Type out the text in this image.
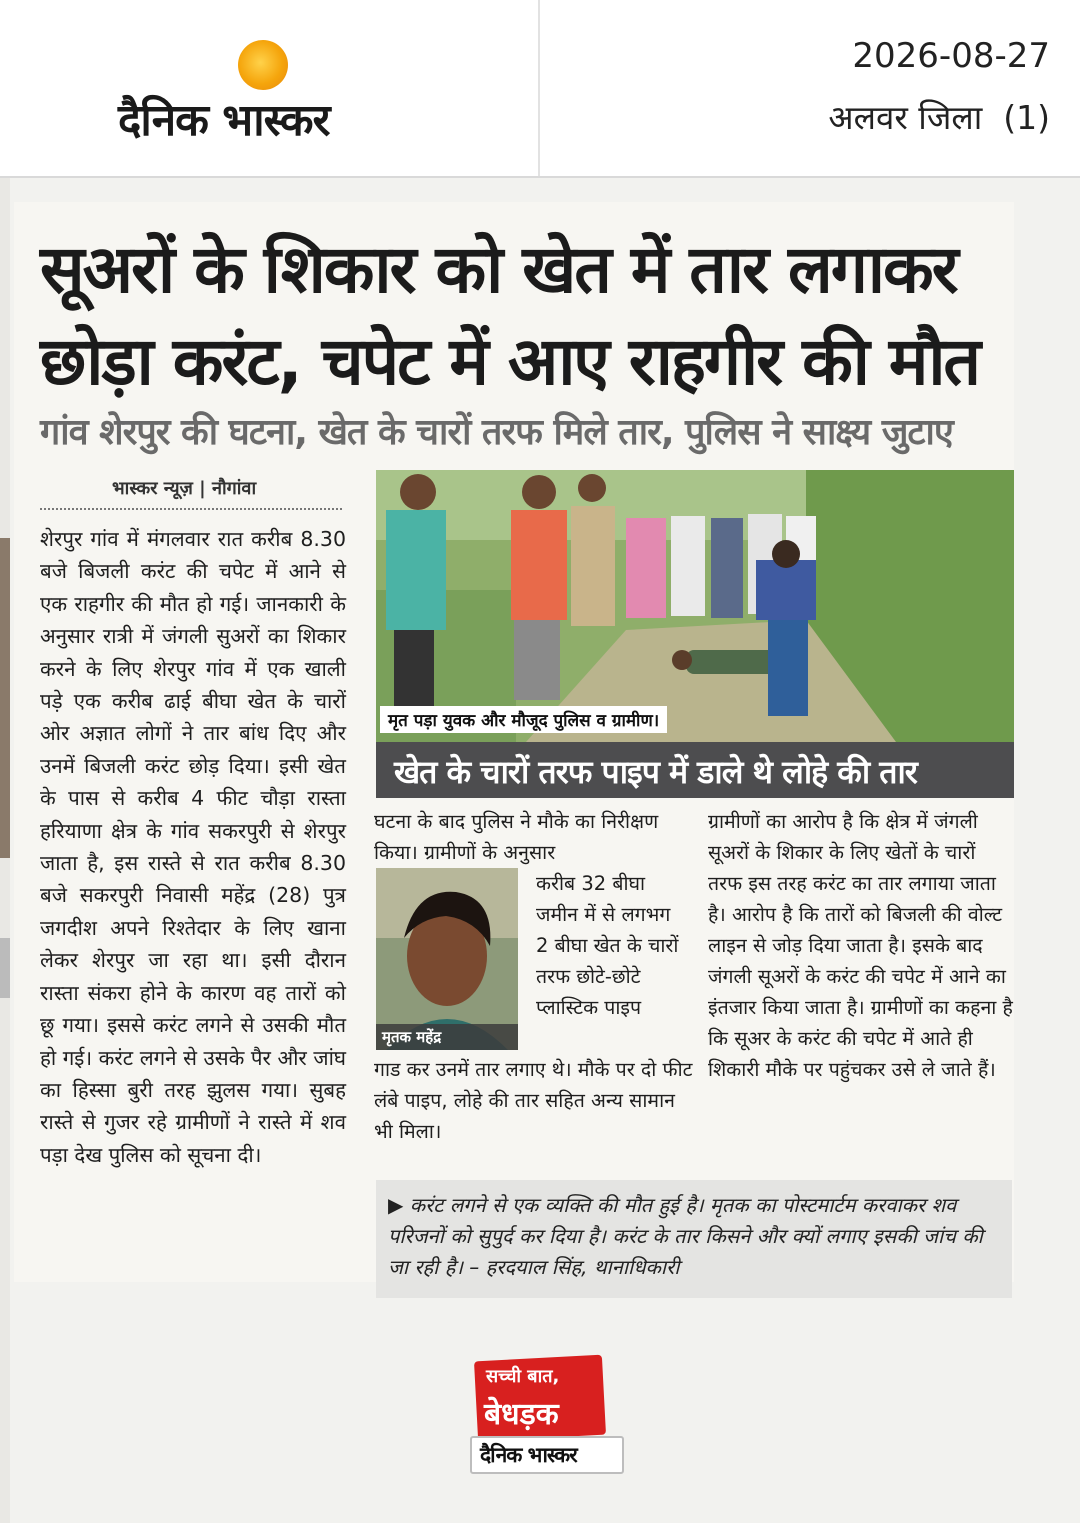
दैनिक भास्कर
2026-08-27
अलवर जिला  (1)
सूअरों के शिकार को खेत में तार लगाकर
छोड़ा करंट, चपेट में आए राहगीर की मौत
गांव शेरपुर की घटना, खेत के चारों तरफ मिले तार, पुलिस ने साक्ष्य जुटाए
भास्कर न्यूज़ | नौगांवा
शेरपुर गांव में मंगलवार रात करीब 8.30 बजे बिजली करंट की चपेट में आने से एक राहगीर की मौत हो गई। जानकारी के अनुसार रात्री में जंगली सुअरों का शिकार करने के लिए शेरपुर गांव में एक खाली पड़े एक करीब ढाई बीघा खेत के चारों ओर अज्ञात लोगों ने तार बांध दिए और उनमें बिजली करंट छोड़ दिया। इसी खेत के पास से करीब 4 फीट चौड़ा रास्ता हरियाणा क्षेत्र के गांव सकरपुरी से शेरपुर जाता है, इस रास्ते से रात करीब 8.30 बजे सकरपुरी निवासी महेंद्र (28) पुत्र जगदीश अपने रिश्तेदार के लिए खाना लेकर शेरपुर जा रहा था। इसी दौरान रास्ता संकरा होने के कारण वह तारों को छू गया। इससे करंट लगने से उसकी मौत हो गई। करंट लगने से उसके पैर और जांघ का हिस्सा बुरी तरह झुलस गया। सुबह रास्ते से गुजर रहे ग्रामीणों ने रास्ते में शव पड़ा देख पुलिस को सूचना दी।
मृत पड़ा युवक और मौजूद पुलिस व ग्रामीण।
खेत के चारों तरफ पाइप में डाले थे लोहे की तार
घटना के बाद पुलिस ने मौके का निरीक्षण किया। ग्रामीणों के अनुसार
मृतक महेंद्र
करीब 32 बीघा जमीन में से लगभग 2 बीघा खेत के चारों तरफ छोटे-छोटे प्लास्टिक पाइप
गाड कर उनमें तार लगाए थे। मौके पर दो फीट लंबे पाइप, लोहे की तार सहित अन्य सामान भी मिला।
ग्रामीणों का आरोप है कि क्षेत्र में जंगली सूअरों के शिकार के लिए खेतों के चारों तरफ इस तरह करंट का तार लगाया जाता है। आरोप है कि तारों को बिजली की वोल्ट लाइन से जोड़ दिया जाता है। इसके बाद जंगली सूअरों के करंट की चपेट में आने का इंतजार किया जाता है। ग्रामीणों का कहना है कि सूअर के करंट की चपेट में आते ही शिकारी मौके पर पहुंचकर उसे ले जाते हैं।
▶ करंट लगने से एक व्यक्ति की मौत हुई है। मृतक का पोस्टमार्टम करवाकर शव परिजनों को सुपुर्द कर दिया है। करंट के तार किसने और क्यों लगाए इसकी जांच की जा रही है। – हरदयाल सिंह, थानाधिकारी
सच्ची बात,
बेधड़क
दैनिक भास्कर
